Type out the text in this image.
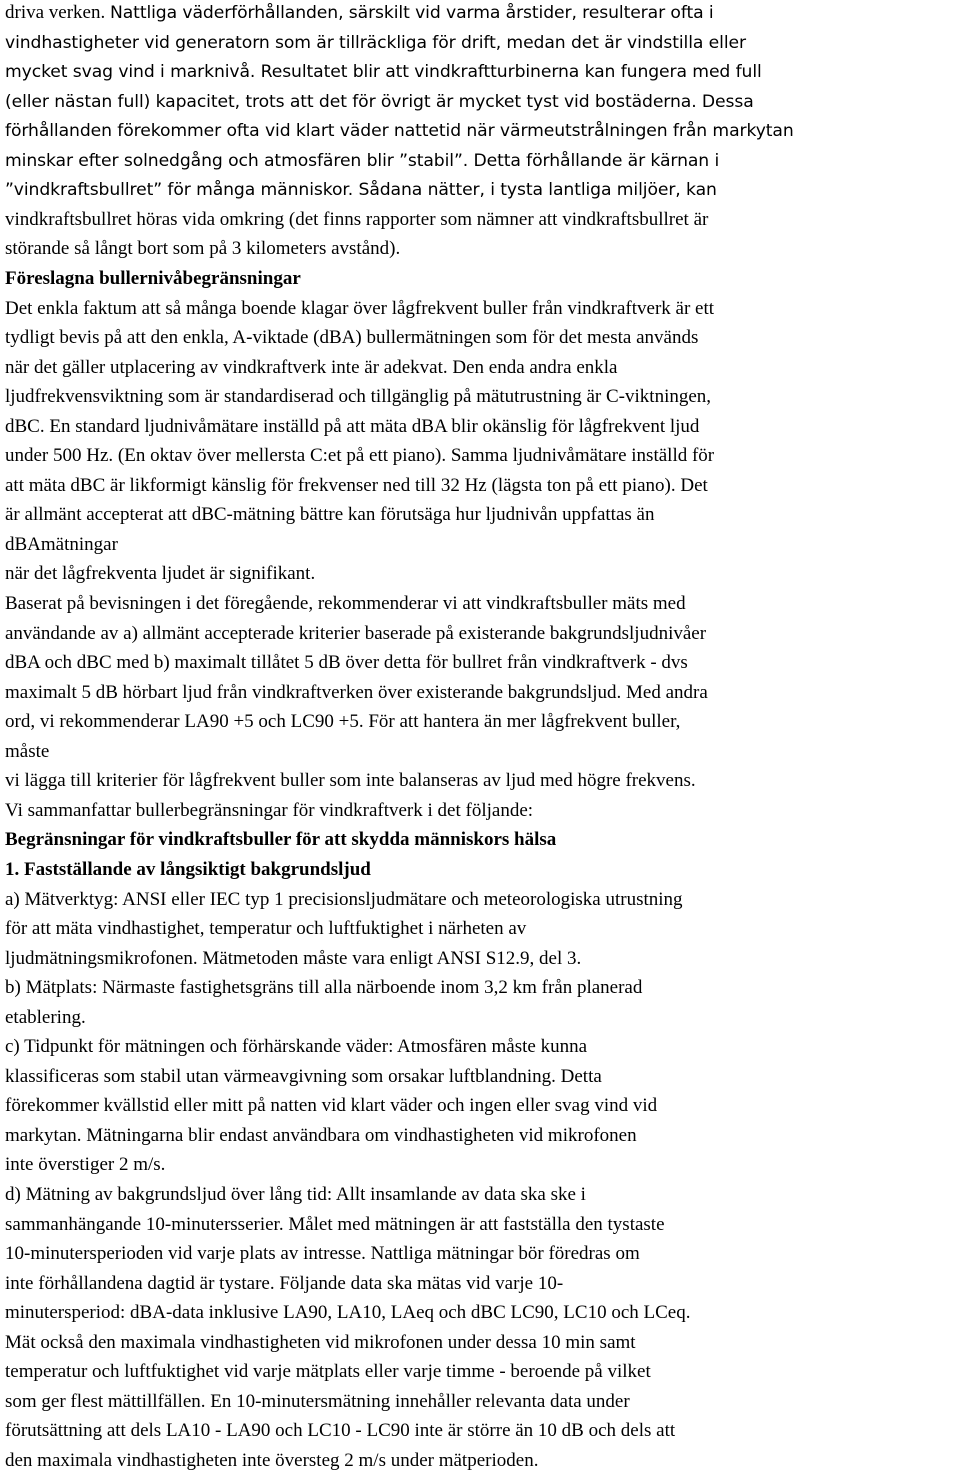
driva verken. Nattliga väderförhållanden, särskilt vid varma årstider, resulterar ofta i
vindhastigheter vid generatorn som är tillräckliga för drift, medan det är vindstilla eller
mycket svag vind i marknivå. Resultatet blir att vindkraftturbinerna kan fungera med full
(eller nästan full) kapacitet, trots att det för övrigt är mycket tyst vid bostäderna. Dessa
förhållanden förekommer ofta vid klart väder nattetid när värmeutstrålningen från markytan
minskar efter solnedgång och atmosfären blir ”stabil”. Detta förhållande är kärnan i
”vindkraftsbullret” för många människor. Sådana nätter, i tysta lantliga miljöer, kan
vindkraftsbullret höras vida omkring (det finns rapporter som nämner att vindkraftsbullret är
störande så långt bort som på 3 kilometers avstånd).
Föreslagna bullernivåbegränsningar
Det enkla faktum att så många boende klagar över lågfrekvent buller från vindkraftverk är ett
tydligt bevis på att den enkla, A-viktade (dBA) bullermätningen som för det mesta används
när det gäller utplacering av vindkraftverk inte är adekvat. Den enda andra enkla
ljudfrekvensviktning som är standardiserad och tillgänglig på mätutrustning är C-viktningen,
dBC. En standard ljudnivåmätare inställd på att mäta dBA blir okänslig för lågfrekvent ljud
under 500 Hz. (En oktav över mellersta C:et på ett piano). Samma ljudnivåmätare inställd för
att mäta dBC är likformigt känslig för frekvenser ned till 32 Hz (lägsta ton på ett piano). Det
är allmänt accepterat att dBC-mätning bättre kan förutsäga hur ljudnivån uppfattas än
dBAmätningar
när det lågfrekventa ljudet är signifikant.
Baserat på bevisningen i det föregående, rekommenderar vi att vindkraftsbuller mäts med
användande av a) allmänt accepterade kriterier baserade på existerande bakgrundsljudnivåer
dBA och dBC med b) maximalt tillåtet 5 dB över detta för bullret från vindkraftverk - dvs
maximalt 5 dB hörbart ljud från vindkraftverken över existerande bakgrundsljud. Med andra
ord, vi rekommenderar LA90 +5 och LC90 +5. För att hantera än mer lågfrekvent buller,
måste
vi lägga till kriterier för lågfrekvent buller som inte balanseras av ljud med högre frekvens.
Vi sammanfattar bullerbegränsningar för vindkraftverk i det följande:
Begränsningar för vindkraftsbuller för att skydda människors hälsa
1. Fastställande av långsiktigt bakgrundsljud
a) Mätverktyg: ANSI eller IEC typ 1 precisionsljudmätare och meteorologiska utrustning
för att mäta vindhastighet, temperatur och luftfuktighet i närheten av
ljudmätningsmikrofonen. Mätmetoden måste vara enligt ANSI S12.9, del 3.
b) Mätplats: Närmaste fastighetsgräns till alla närboende inom 3,2 km från planerad
etablering.
c) Tidpunkt för mätningen och förhärskande väder: Atmosfären måste kunna
klassificeras som stabil utan värmeavgivning som orsakar luftblandning. Detta
förekommer kvällstid eller mitt på natten vid klart väder och ingen eller svag vind vid
markytan. Mätningarna blir endast användbara om vindhastigheten vid mikrofonen
inte överstiger 2 m/s.
d) Mätning av bakgrundsljud över lång tid: Allt insamlande av data ska ske i
sammanhängande 10-minutersserier. Målet med mätningen är att fastställa den tystaste
10-minutersperioden vid varje plats av intresse. Nattliga mätningar bör föredras om
inte förhållandena dagtid är tystare. Följande data ska mätas vid varje 10-
minutersperiod: dBA-data inklusive LA90, LA10, LAeq och dBC LC90, LC10 och LCeq.
Mät också den maximala vindhastigheten vid mikrofonen under dessa 10 min samt
temperatur och luftfuktighet vid varje mätplats eller varje timme - beroende på vilket
som ger flest mättillfällen. En 10-minutersmätning innehåller relevanta data under
förutsättning att dels LA10 - LA90 och LC10 - LC90 inte är större än 10 dB och dels att
den maximala vindhastigheten inte översteg 2 m/s under mätperioden.
